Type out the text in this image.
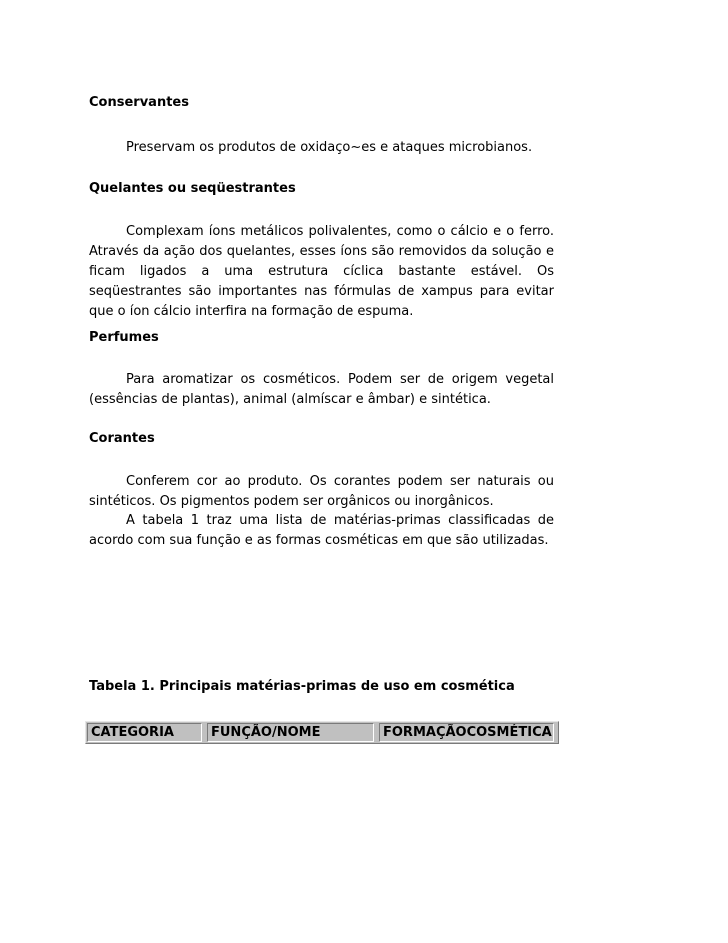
Conservantes

Preservam os produtos de oxidaço~es e ataques microbianos.

Quelantes ou seqüestrantes

Complexam íons metálicos polivalentes, como o cálcio e o ferro. Através da ação dos quelantes, esses íons são removidos da solução e ficam ligados a uma estrutura cíclica bastante estável. Os seqüestrantes são importantes nas fórmulas de xampus para evitar que o íon cálcio interfira na formação de espuma.

Perfumes

Para aromatizar os cosméticos. Podem ser de origem vegetal (essências de plantas), animal (almíscar e âmbar) e sintética.

Corantes

Conferem cor ao produto. Os corantes podem ser naturais ou sintéticos. Os pigmentos podem ser orgânicos ou inorgânicos.

A tabela 1 traz uma lista de matérias-primas classificadas de acordo com sua função e as formas cosméticas em que são utilizadas.

Tabela 1. Principais matérias-primas de uso em cosmética
CATEGORIA	FUNÇÃO/NOME	FORMAÇÃOCOSMÉTICA
